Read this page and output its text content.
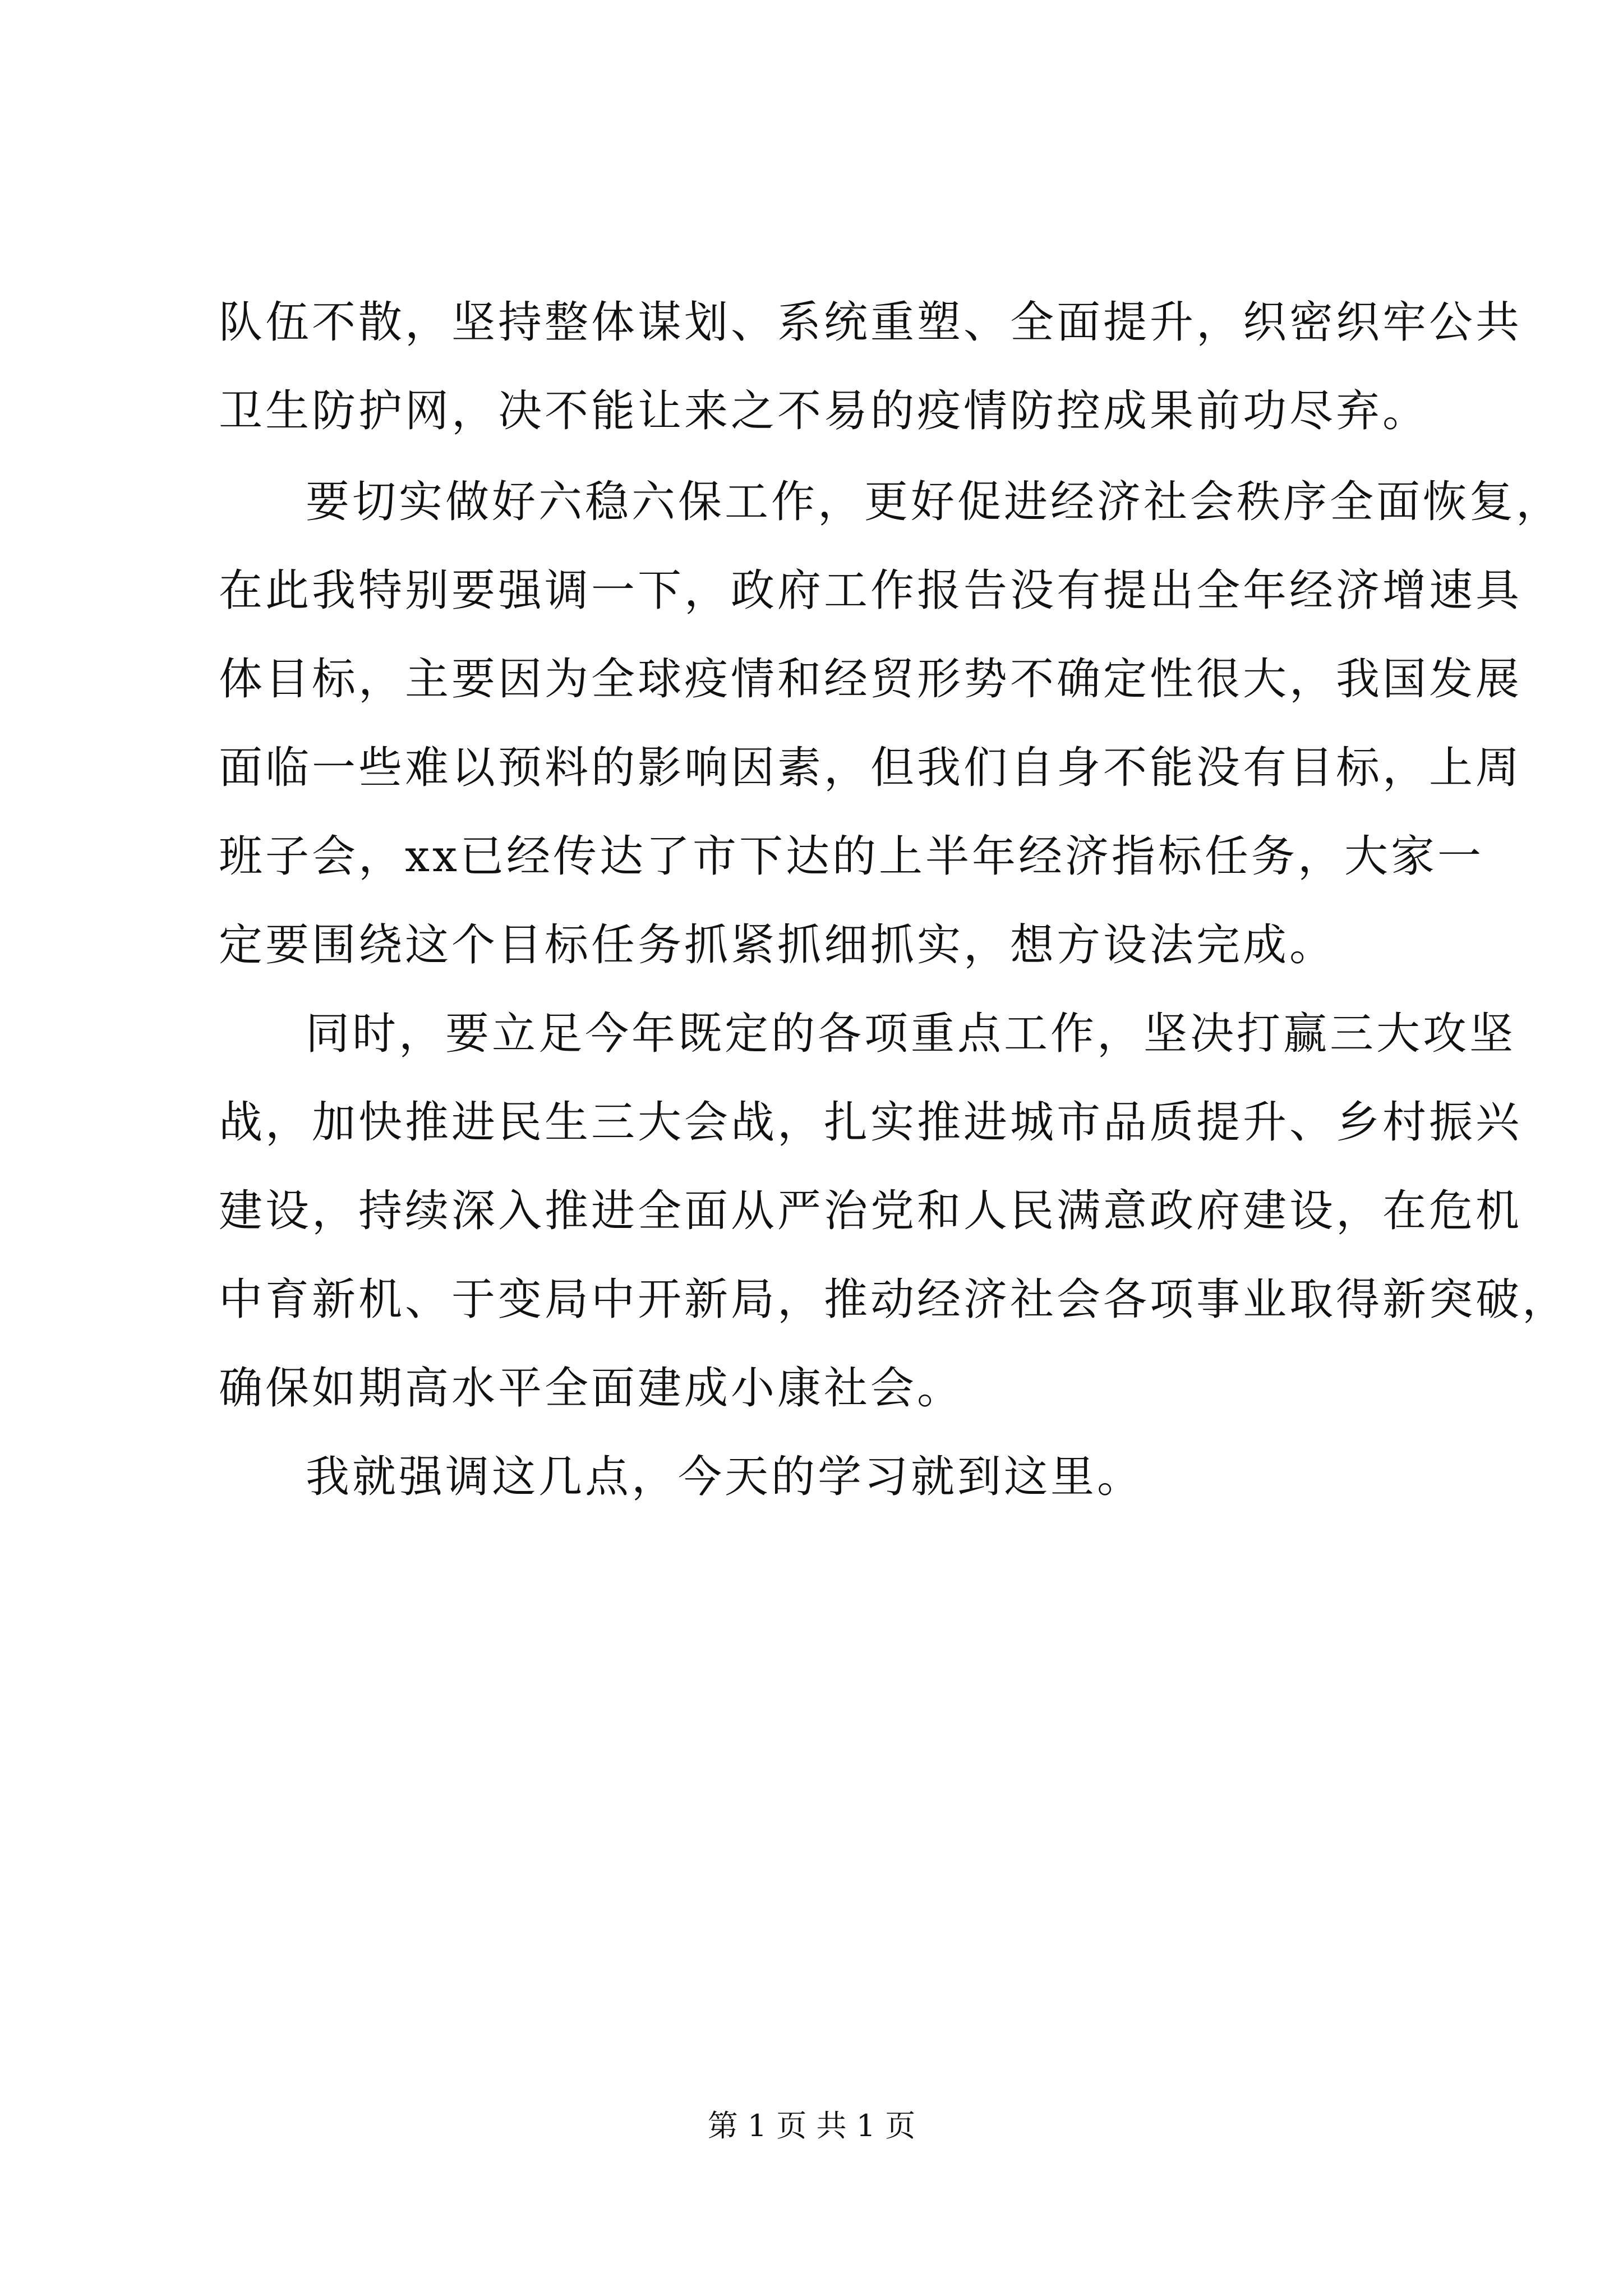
队伍不散，坚持整体谋划、系统重塑、全面提升，织密织牢公共
卫生防护网，决不能让来之不易的疫情防控成果前功尽弃。
要切实做好六稳六保工作，更好促进经济社会秩序全面恢复，
在此我特别要强调一下，政府工作报告没有提出全年经济增速具
体目标，主要因为全球疫情和经贸形势不确定性很大，我国发展
面临一些难以预料的影响因素，但我们自身不能没有目标，上周
班子会，xx已经传达了市下达的上半年经济指标任务，大家一
定要围绕这个目标任务抓紧抓细抓实，想方设法完成。
同时，要立足今年既定的各项重点工作，坚决打赢三大攻坚
战，加快推进民生三大会战，扎实推进城市品质提升、乡村振兴
建设，持续深入推进全面从严治党和人民满意政府建设，在危机
中育新机、于变局中开新局，推动经济社会各项事业取得新突破，
确保如期高水平全面建成小康社会。
我就强调这几点，今天的学习就到这里。
第 1 页 共 1 页
